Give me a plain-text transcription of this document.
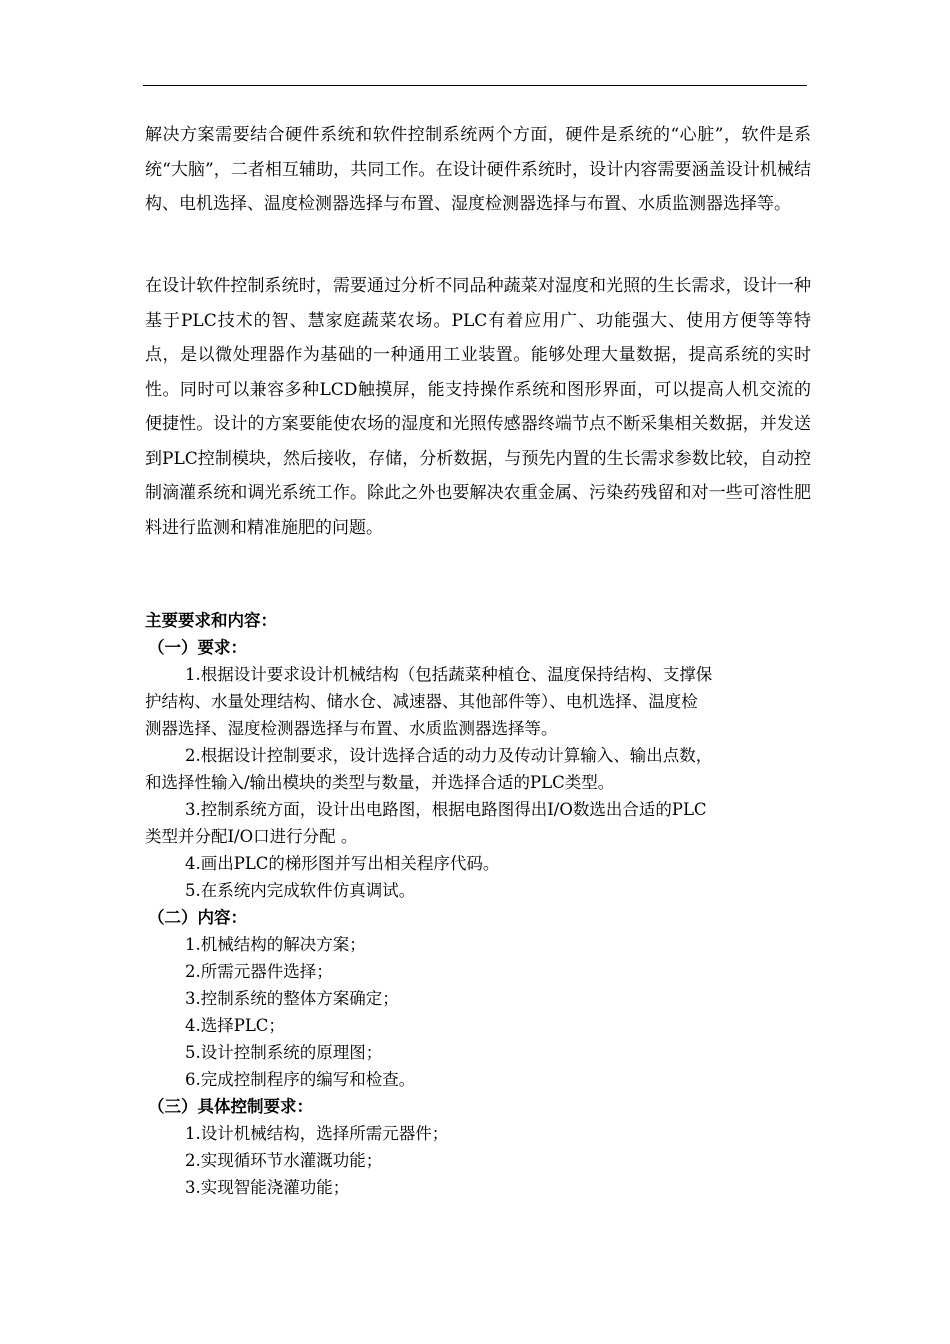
解决方案需要结合硬件系统和软件控制系统两个方面，硬件是系统的“心脏”，软件是系统“大脑”，二者相互辅助，共同工作。在设计硬件系统时，设计内容需要涵盖设计机械结构、电机选择、温度检测器选择与布置、湿度检测器选择与布置、水质监测器选择等。

在设计软件控制系统时，需要通过分析不同品种蔬菜对湿度和光照的生长需求，设计一种基于PLC技术的智、慧家庭蔬菜农场。PLC有着应用广、功能强大、使用方便等等特点，是以微处理器作为基础的一种通用工业装置。能够处理大量数据，提高系统的实时性。同时可以兼容多种LCD触摸屏，能支持操作系统和图形界面，可以提高人机交流的便捷性。设计的方案要能使农场的湿度和光照传感器终端节点不断采集相关数据，并发送到PLC控制模块，然后接收，存储，分析数据，与预先内置的生长需求参数比较，自动控制滴灌系统和调光系统工作。除此之外也要解决农重金属、污染药残留和对一些可溶性肥料进行监测和精准施肥的问题。

主要要求和内容：
（一）要求：
1.根据设计要求设计机械结构（包括蔬菜种植仓、温度保持结构、支撑保
护结构、水量处理结构、储水仓、减速器、其他部件等）、电机选择、温度检
测器选择、湿度检测器选择与布置、水质监测器选择等。
2.根据设计控制要求，设计选择合适的动力及传动计算输入、输出点数，
和选择性输入/输出模块的类型与数量，并选择合适的PLC类型。
3.控制系统方面，设计出电路图，根据电路图得出I/O数选出合适的PLC
类型并分配I/O口进行分配 。
4.画出PLC的梯形图并写出相关程序代码。
5.在系统内完成软件仿真调试。
（二）内容：
1.机械结构的解决方案；
2.所需元器件选择；
3.控制系统的整体方案确定；
4.选择PLC；
5.设计控制系统的原理图；
6.完成控制程序的编写和检查。
（三）具体控制要求：
1.设计机械结构，选择所需元器件；
2.实现循环节水灌溉功能；
3.实现智能浇灌功能；
